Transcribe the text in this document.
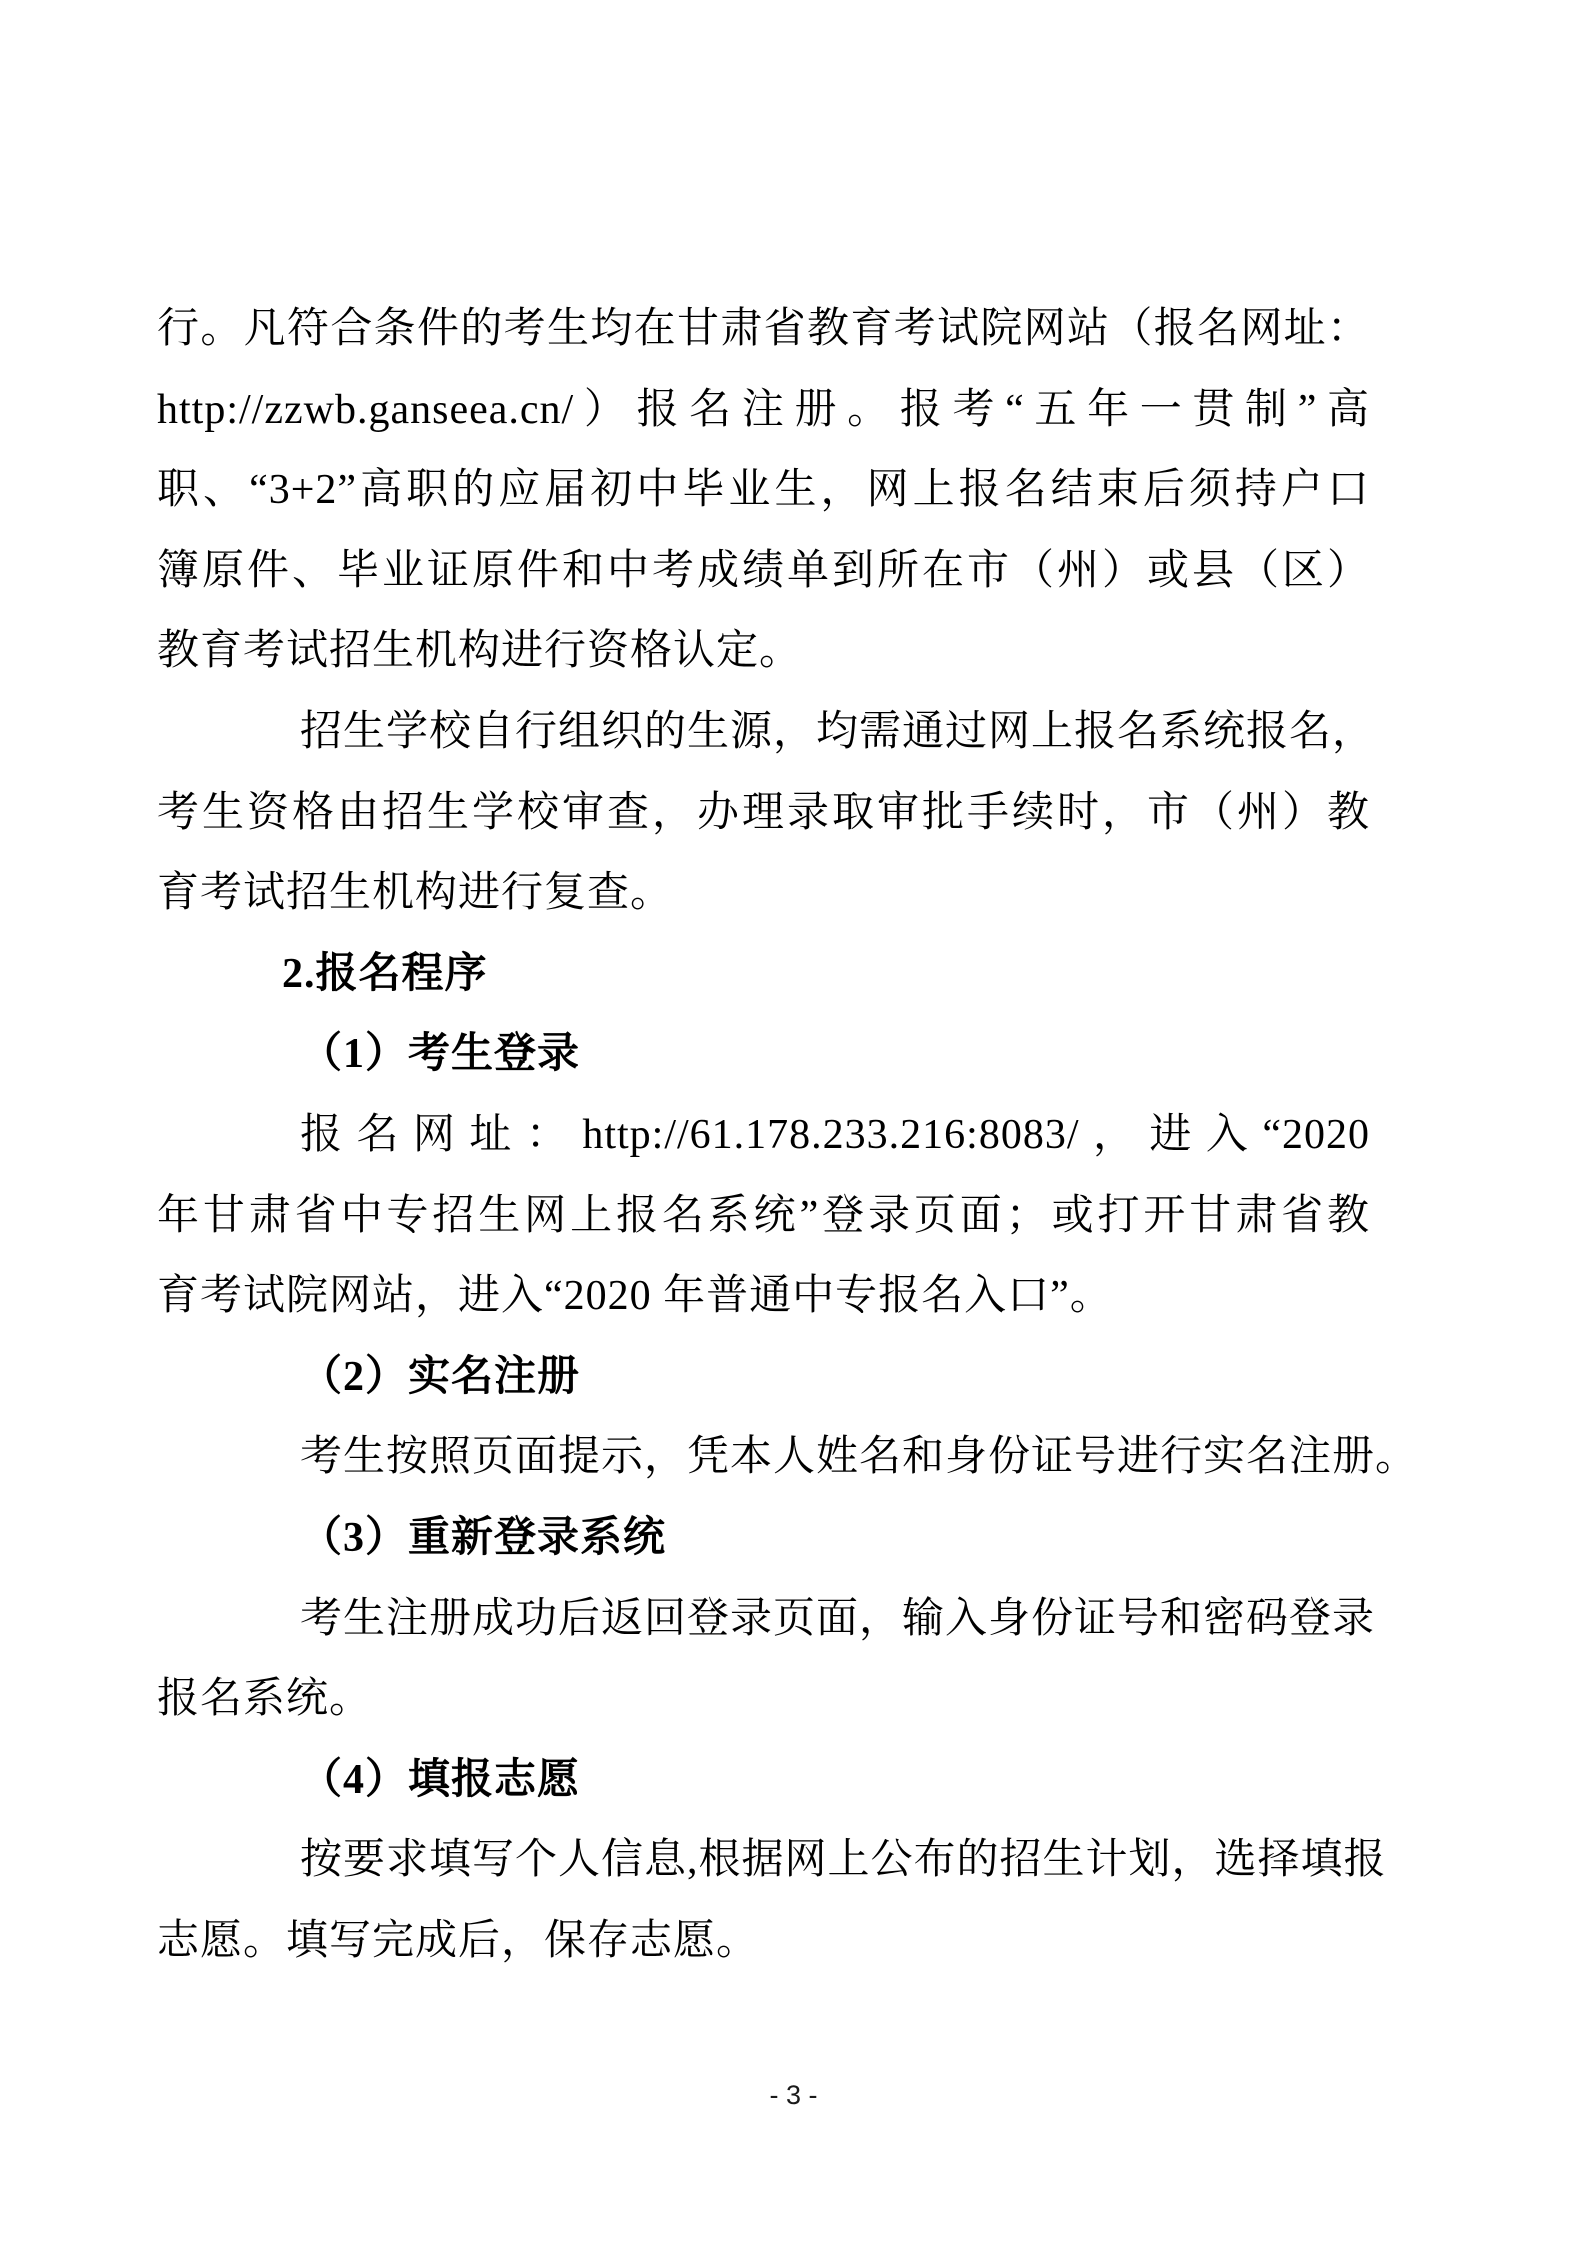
行。凡符合条件的考生均在甘肃省教育考试院网站（报名网址：
http://zzwb.ganseea.cn/）报名注册。报考“五年一贯制”高
职、“3+2”高职的应届初中毕业生，网上报名结束后须持户口
簿原件、毕业证原件和中考成绩单到所在市（州）或县（区）
教育考试招生机构进行资格认定。
招生学校自行组织的生源，均需通过网上报名系统报名，
考生资格由招生学校审查，办理录取审批手续时，市（州）教
育考试招生机构进行复查。
2.报名程序
（1）考生登录
报名网址：http://61.178.233.216:8083/，进入“2020
年甘肃省中专招生网上报名系统”登录页面；或打开甘肃省教
育考试院网站，进入“2020 年普通中专报名入口”。
（2）实名注册
考生按照页面提示，凭本人姓名和身份证号进行实名注册。
（3）重新登录系统
考生注册成功后返回登录页面，输入身份证号和密码登录
报名系统。
（4）填报志愿
按要求填写个人信息,根据网上公布的招生计划，选择填报
志愿。填写完成后，保存志愿。
- 3 -
